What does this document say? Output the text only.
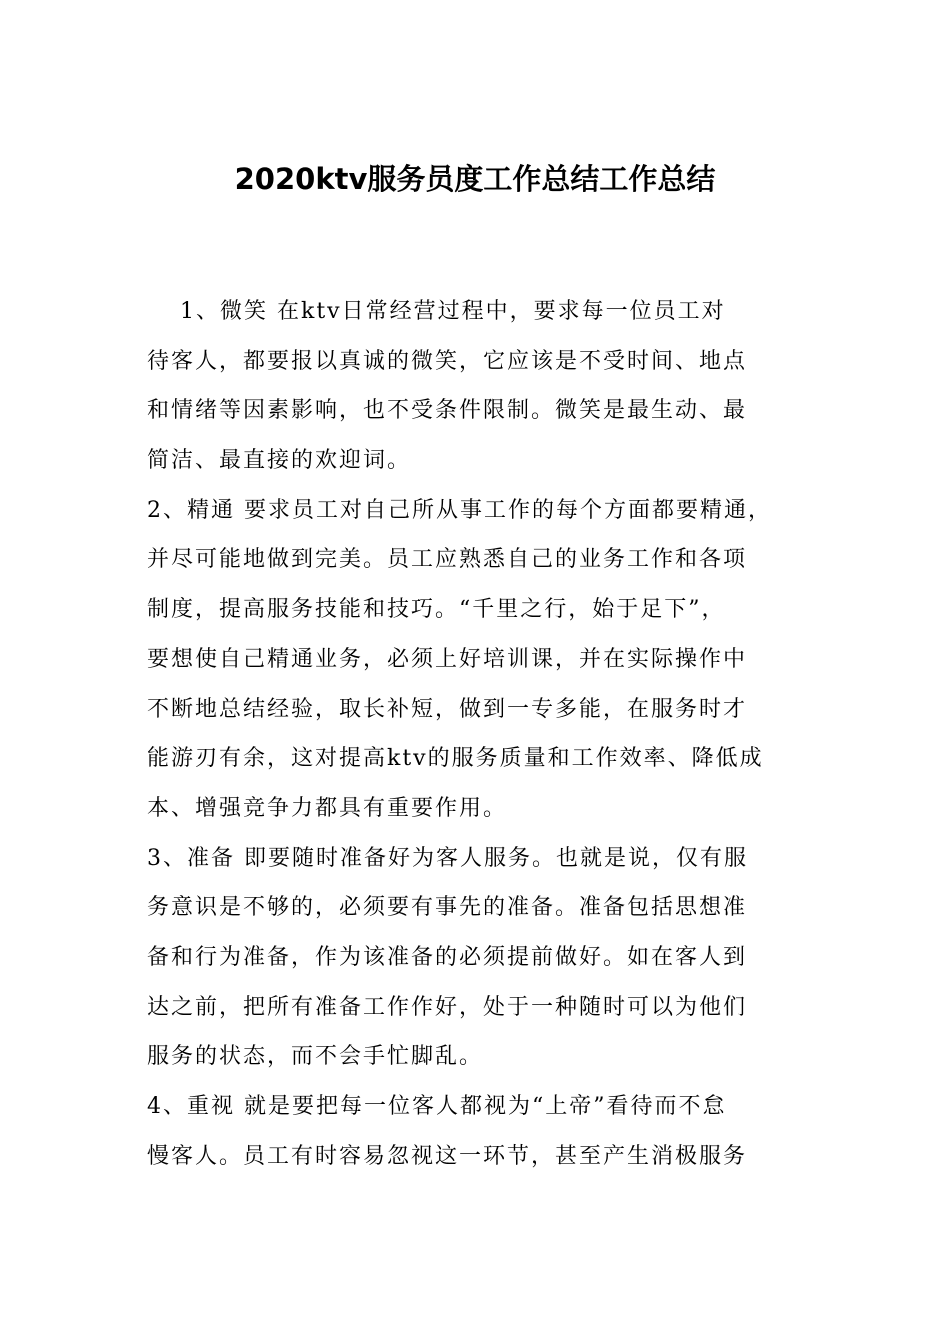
2020ktv服务员度工作总结工作总结

　 1、微笑 在ktv日常经营过程中，要求每一位员工对

待客人，都要报以真诚的微笑，它应该是不受时间、地点

和情绪等因素影响，也不受条件限制。微笑是最生动、最

简洁、最直接的欢迎词。

2、精通 要求员工对自己所从事工作的每个方面都要精通，

并尽可能地做到完美。员工应熟悉自己的业务工作和各项

制度，提高服务技能和技巧。“千里之行，始于足下”，

要想使自己精通业务，必须上好培训课，并在实际操作中

不断地总结经验，取长补短，做到一专多能，在服务时才

能游刃有余，这对提高ktv的服务质量和工作效率、降低成

本、增强竞争力都具有重要作用。

3、准备 即要随时准备好为客人服务。也就是说，仅有服

务意识是不够的，必须要有事先的准备。准备包括思想准

备和行为准备，作为该准备的必须提前做好。如在客人到

达之前，把所有准备工作作好，处于一种随时可以为他们

服务的状态，而不会手忙脚乱。

4、重视 就是要把每一位客人都视为“上帝”看待而不怠

慢客人。员工有时容易忽视这一环节，甚至产生消极服务
